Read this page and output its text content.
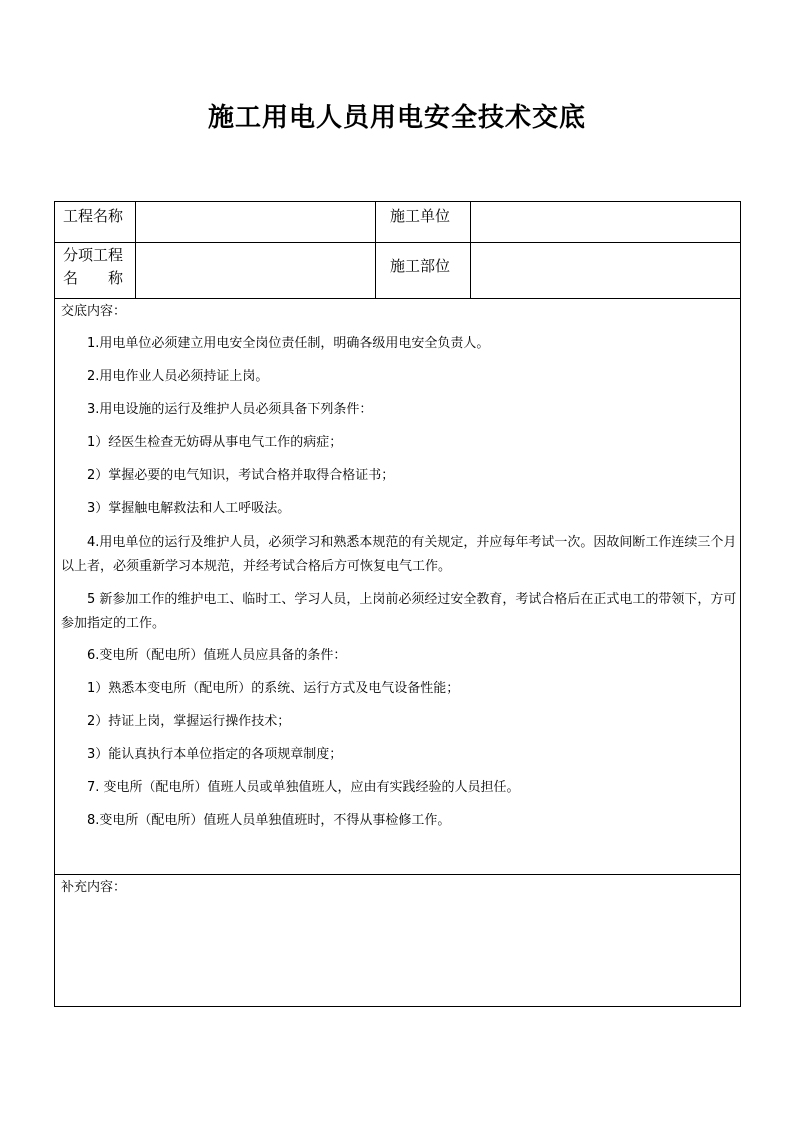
施工用电人员用电安全技术交底
工程名称	施工单位
分项工程
名　　称
施工部位
交底内容：

1.用电单位必须建立用电安全岗位责任制，明确各级用电安全负责人。

2.用电作业人员必须持证上岗。

3.用电设施的运行及维护人员必须具备下列条件：

1）经医生检查无妨碍从事电气工作的病症；

2）掌握必要的电气知识，考试合格并取得合格证书；

3）掌握触电解救法和人工呼吸法。

4.用电单位的运行及维护人员，必须学习和熟悉本规范的有关规定，并应每年考试一次。因故间断工作连续三个月以上者，必须重新学习本规范，并经考试合格后方可恢复电气工作。

5 新参加工作的维护电工、临时工、学习人员，上岗前必须经过安全教育，考试合格后在正式电工的带领下，方可参加指定的工作。

6.变电所（配电所）值班人员应具备的条件：

1）熟悉本变电所（配电所）的系统、运行方式及电气设备性能；

2）持证上岗，掌握运行操作技术；

3）能认真执行本单位指定的各项规章制度；

7. 变电所（配电所）值班人员或单独值班人，应由有实践经验的人员担任。

8.变电所（配电所）值班人员单独值班时，不得从事检修工作。

补充内容：
